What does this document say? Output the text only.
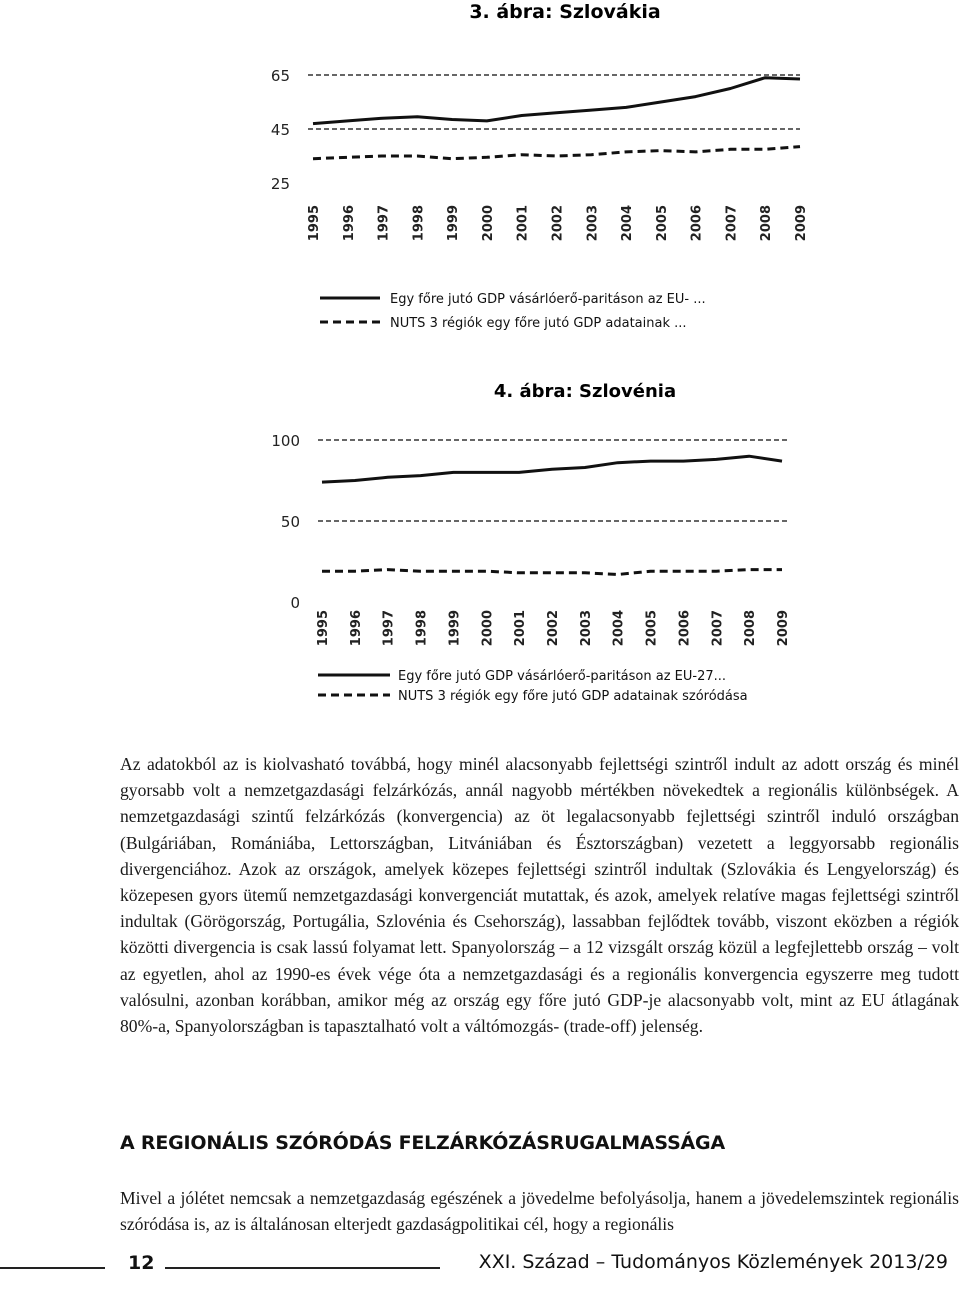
3. ábra: Szlovákia
25
45
65
1995 1996 1997 1998 1999 2000 2001 2002 2003 2004 2005 2006 2007 2008 2009
Egy főre jutó GDP vásárlóerő-paritáson az EU- ...
NUTS 3 régiók egy főre jutó GDP adatainak ...
4. ábra: Szlovénia
0
50
100
1995 1996 1997 1998 1999 2000 2001 2002 2003 2004 2005 2006 2007 2008 2009
Egy főre jutó GDP vásárlóerő-paritáson az EU-27...
NUTS 3 régiók egy főre jutó GDP adatainak szóródása

Az adatokból az is kiolvasható továbbá, hogy minél alacsonyabb fejlettségi szintről indult az adott ország és minél gyorsabb volt a nemzetgazdasági felzárkózás, annál nagyobb mértékben növekedtek a regionális különbségek. A nemzetgazdasági szintű felzárkózás (konvergencia) az öt legalacsonyabb fejlettségi szintről induló országban (Bulgáriában, Romániába, Lettországban, Litvániában és Észtországban) vezetett a leggyorsabb regionális divergenciához. Azok az országok, amelyek közepes fejlettségi szintről indultak (Szlovákia és Lengyelország) és közepesen gyors ütemű nemzetgazdasági konvergenciát mutattak, és azok, amelyek relatíve magas fejlettségi szintről indultak (Görögország, Portugália, Szlovénia és Csehország), lassabban fejlődtek tovább, viszont eközben a régiók közötti divergencia is csak lassú folyamat lett. Spanyolország – a 12 vizsgált ország közül a legfejlettebb ország – volt az egyetlen, ahol az 1990-es évek vége óta a nemzetgazdasági és a regionális konvergencia egyszerre meg tudott valósulni, azonban korábban, amikor még az ország egy főre jutó GDP-je alacsonyabb volt, mint az EU átlagának 80%-a, Spanyolországban is tapasztalható volt a váltómozgás- (trade-off) jelenség.

A REGIONÁLIS SZÓRÓDÁS FELZÁRKÓZÁSRUGALMASSÁGA

Mivel a jólétet nemcsak a nemzetgazdaság egészének a jövedelme befolyásolja, hanem a jövedelemszintek regionális szóródása is, az is általánosan elterjedt gazdaságpolitikai cél, hogy a regionális

12	XXI. Század – Tudományos Közlemények 2013/29
